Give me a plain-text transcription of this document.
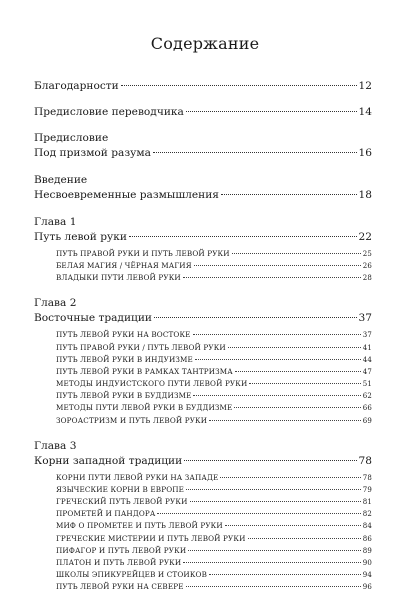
Содержание
Благодарности	12
Предисловие переводчика	14
Предисловие
Под призмой разума	16
Введение
Несвоевременные размышления	18
Глава 1
Путь левой руки	22
ПУТЬ ПРАВОЙ РУКИ И ПУТЬ ЛЕВОЙ РУКИ	25
БЕЛАЯ МАГИЯ / ЧЁРНАЯ МАГИЯ	26
ВЛАДЫКИ ПУТИ ЛЕВОЙ РУКИ	28
Глава 2
Восточные традиции	37
ПУТЬ ЛЕВОЙ РУКИ НА ВОСТОКЕ	37
ПУТЬ ПРАВОЙ РУКИ / ПУТЬ ЛЕВОЙ РУКИ	41
ПУТЬ ЛЕВОЙ РУКИ В ИНДУИЗМЕ	44
ПУТЬ ЛЕВОЙ РУКИ В РАМКАХ ТАНТРИЗМА	47
МЕТОДЫ ИНДУИСТСКОГО ПУТИ ЛЕВОЙ РУКИ	51
ПУТЬ ЛЕВОЙ РУКИ В БУДДИЗМЕ	62
МЕТОДЫ ПУТИ ЛЕВОЙ РУКИ В БУДДИЗМЕ	66
ЗОРОАСТРИЗМ И ПУТЬ ЛЕВОЙ РУКИ	69
Глава 3
Корни западной традиции	78
КОРНИ ПУТИ ЛЕВОЙ РУКИ НА ЗАПАДЕ	78
ЯЗЫЧЕСКИЕ КОРНИ В ЕВРОПЕ	79
ГРЕЧЕСКИЙ ПУТЬ ЛЕВОЙ РУКИ	81
ПРОМЕТЕЙ И ПАНДОРА	82
МИФ О ПРОМЕТЕЕ И ПУТЬ ЛЕВОЙ РУКИ	84
ГРЕЧЕСКИЕ МИСТЕРИИ И ПУТЬ ЛЕВОЙ РУКИ	86
ПИФАГОР И ПУТЬ ЛЕВОЙ РУКИ	89
ПЛАТОН И ПУТЬ ЛЕВОЙ РУКИ	90
ШКОЛЫ ЭПИКУРЕЙЦЕВ И СТОИКОВ	94
ПУТЬ ЛЕВОЙ РУКИ НА СЕВЕРЕ	96
